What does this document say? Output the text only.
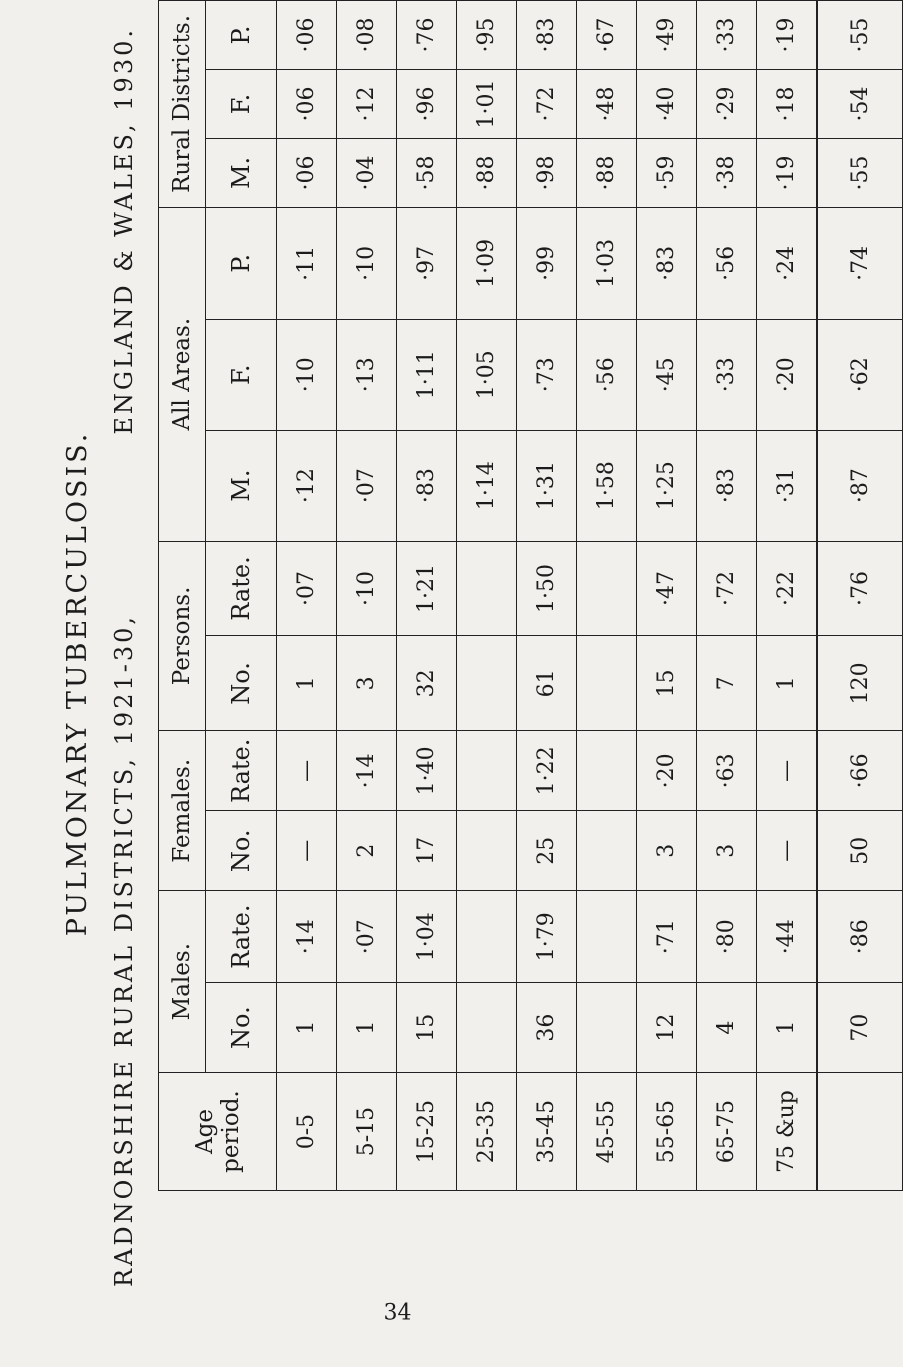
PULMONARY TUBERCULOSIS. RADNORSHIRE RURAL DISTRICTS, 1921-30,
ENGLAND & WALES, 1930.
Age period.	Males.		Females.		Persons.		All Areas.			Rural Districts.		
	No.	Rate.	No.	Rate.	No.	Rate.	M.	F.	P.	M.	F.	P.
0-5	1	·14	—	—	1	·07	·12	·10	·11	·06	·06	·06
5-15	1	·07	2	·14	3	·10	·07	·13	·10	·04	·12	·08
15-25	15	1·04	17	1·40	32	1·21	·83	1·11	·97	·58	·96	·76
25-35							1·14	1·05	1·09	·88	1·01	·95
35-45	36	1·79	25	1·22	61	1·50	1·31	·73	·99	·98	·72	·83
45-55							1·58	·56	1·03	·88	·48	·67
55-65	12	·71	3	·20	15	·47	1·25	·45	·83	·59	·40	·49
65-75	4	·80	3	·63	7	·72	·83	·33	·56	·38	·29	·33
75 &up	1	·44	—	—	1	·22	·31	·20	·24	·19	·18	·19
	70	·86	50	·66	120	·76	·87	·62	·74	·55	·54	·55
34
